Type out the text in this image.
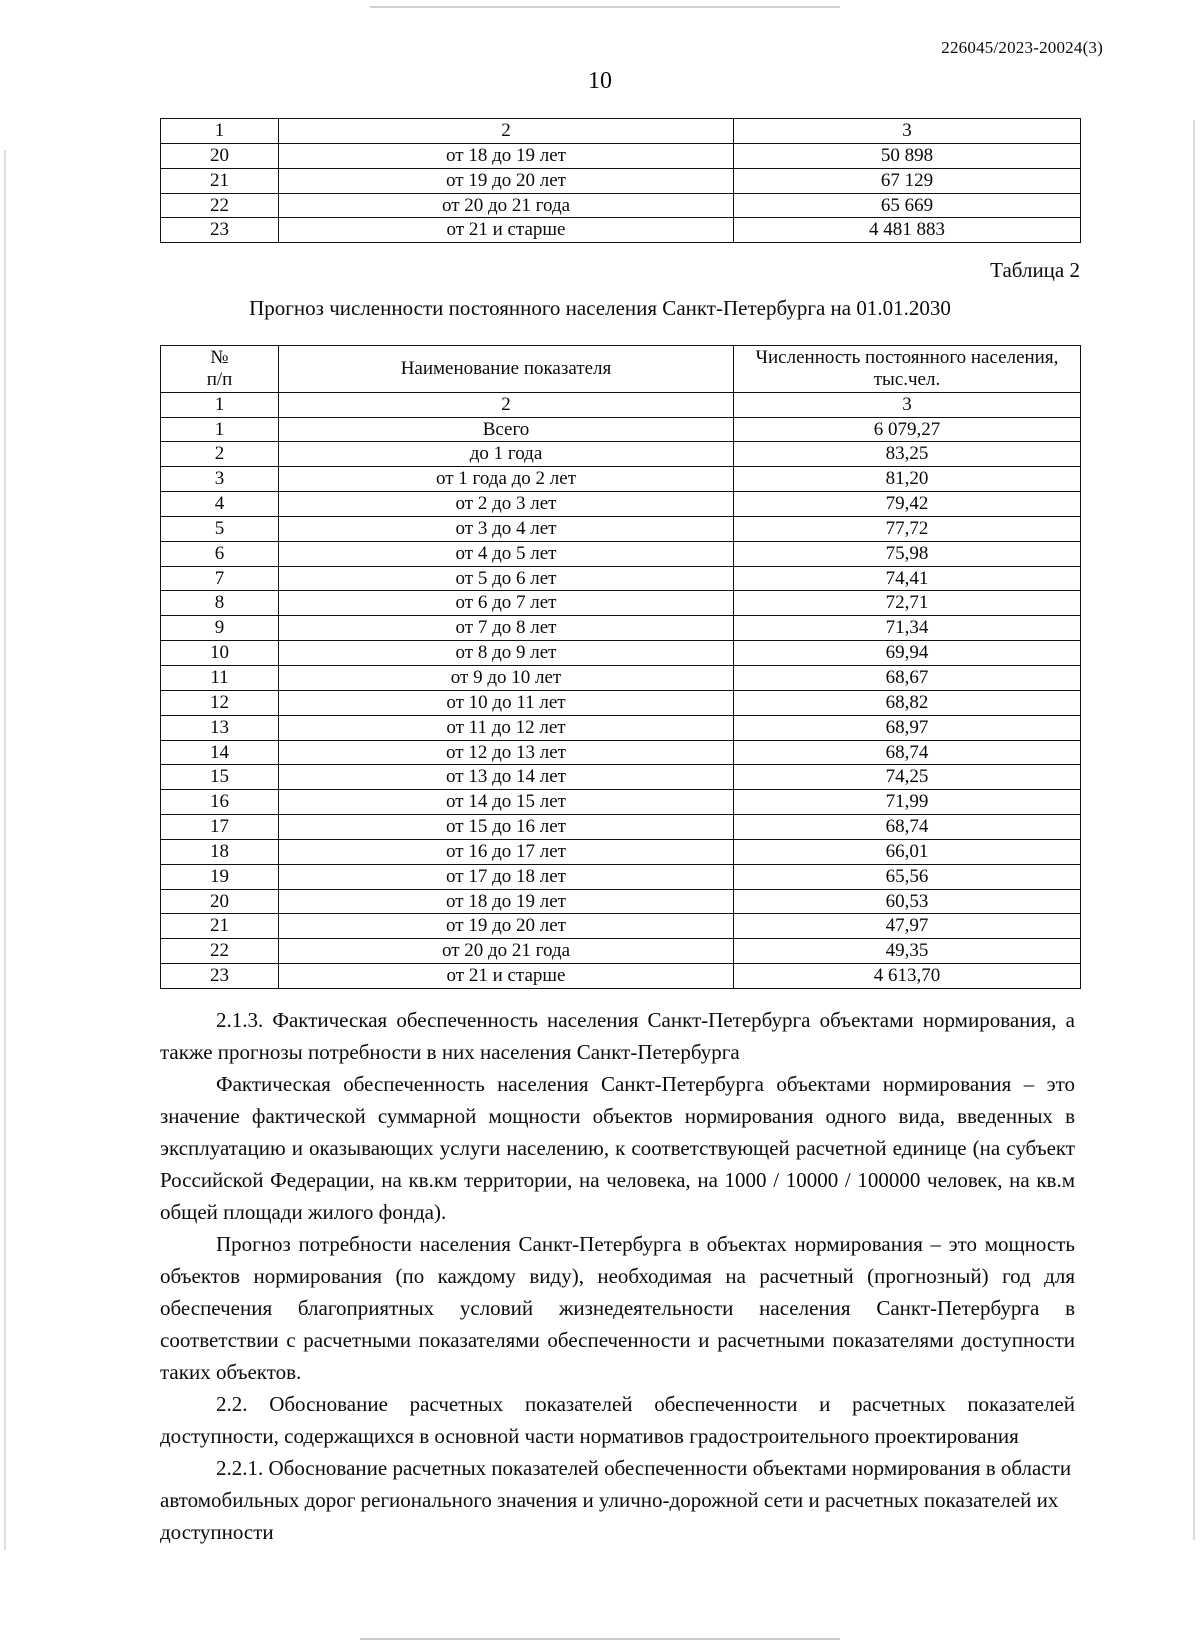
226045/2023-20024(3)
10
1	2	3
20	от 18 до 19 лет	50 898
21	от 19 до 20 лет	67 129
22	от 20 до 21 года	65 669
23	от 21 и старше	4 481 883
Таблица 2
Прогноз численности постоянного населения Санкт-Петербурга на 01.01.2030
№
п/п	Наименование показателя	Численность постоянного населения,
тыс.чел.

1	2	3
1	Всего	6 079,27
2	до 1 года	83,25
3	от 1 года до 2 лет	81,20
4	от 2 до 3 лет	79,42
5	от 3 до 4 лет	77,72
6	от 4 до 5 лет	75,98
7	от 5 до 6 лет	74,41
8	от 6 до 7 лет	72,71
9	от 7 до 8 лет	71,34
10	от 8 до 9 лет	69,94
11	от 9 до 10 лет	68,67
12	от 10 до 11 лет	68,82
13	от 11 до 12 лет	68,97
14	от 12 до 13 лет	68,74
15	от 13 до 14 лет	74,25
16	от 14 до 15 лет	71,99
17	от 15 до 16 лет	68,74
18	от 16 до 17 лет	66,01
19	от 17 до 18 лет	65,56
20	от 18 до 19 лет	60,53
21	от 19 до 20 лет	47,97
22	от 20 до 21 года	49,35
23	от 21 и старше	4 613,70

2.1.3. Фактическая обеспеченность населения Санкт-Петербурга объектами нормирования, а также прогнозы потребности в них населения Санкт-Петербурга

Фактическая обеспеченность населения Санкт-Петербурга объектами нормирования – это значение фактической суммарной мощности объектов нормирования одного вида, введенных в эксплуатацию и оказывающих услуги населению, к соответствующей расчетной единице (на субъект Российской Федерации, на кв.км территории, на человека, на 1000 / 10000 / 100000 человек, на кв.м общей площади жилого фонда).

Прогноз потребности населения Санкт-Петербурга в объектах нормирования – это мощность объектов нормирования (по каждому виду), необходимая на расчетный (прогнозный) год для обеспечения благоприятных условий жизнедеятельности населения Санкт-Петербурга в соответствии с расчетными показателями обеспеченности и расчетными показателями доступности таких объектов.

2.2. Обоснование расчетных показателей обеспеченности и расчетных показателей доступности, содержащихся в основной части нормативов градостроительного проектирования

2.2.1. Обоснование расчетных показателей обеспеченности объектами нормирования в области автомобильных дорог регионального значения и улично-дорожной сети и расчетных показателей их доступности
